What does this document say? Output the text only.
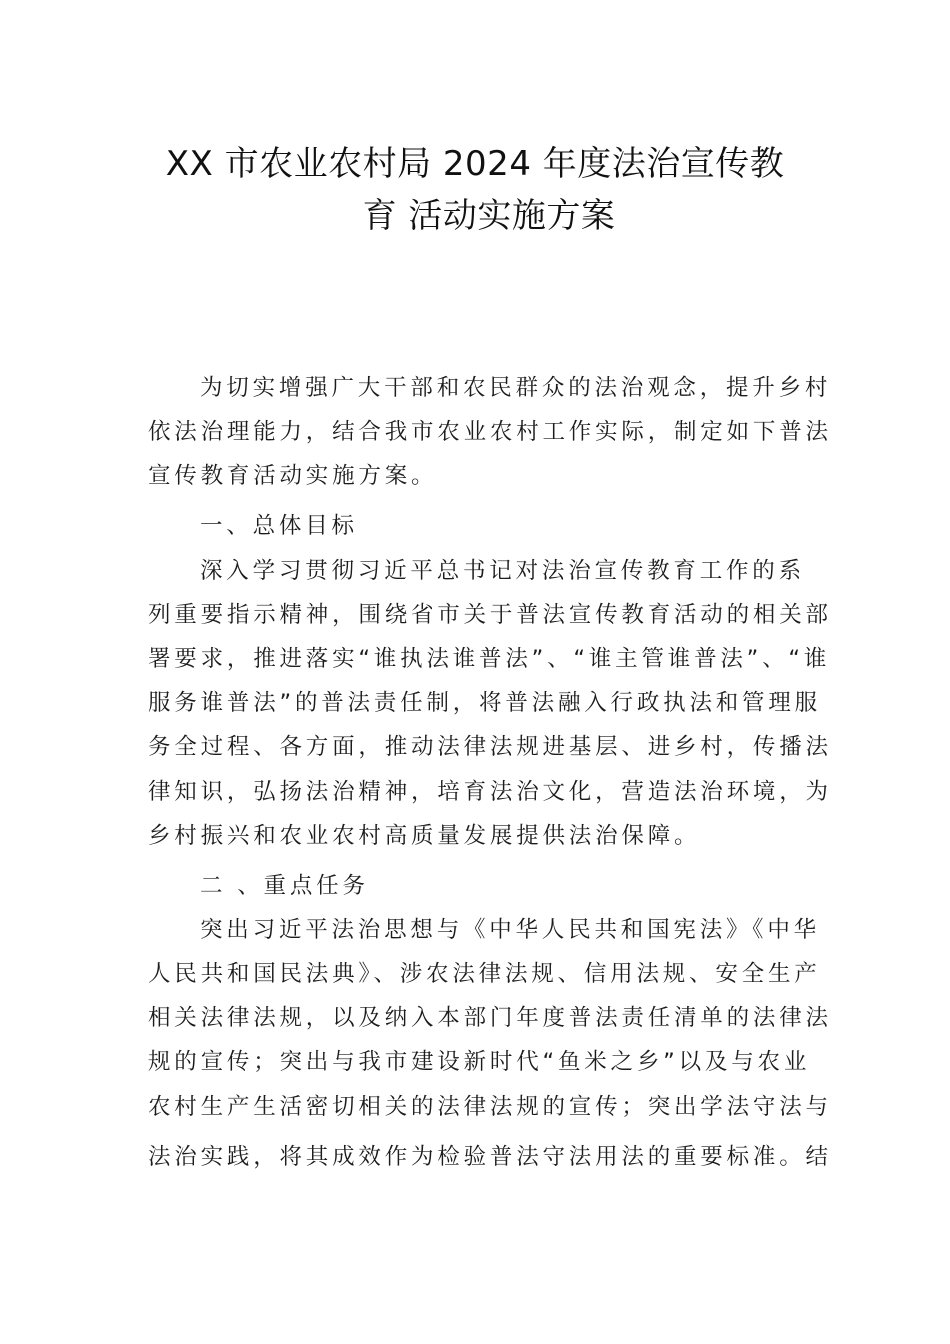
XX 市农业农村局 2024 年度法治宣传教
育 活动实施方案
为切实增强广大干部和农民群众的法治观念，提升乡村
依法治理能力，结合我市农业农村工作实际，制定如下普法
宣传教育活动实施方案。
一、总体目标
深入学习贯彻习近平总书记对法治宣传教育工作的系
列重要指示精神，围绕省市关于普法宣传教育活动的相关部
署要求，推进落实“谁执法谁普法”、“谁主管谁普法”、“谁
服务谁普法”的普法责任制，将普法融入行政执法和管理服
务全过程、各方面，推动法律法规进基层、进乡村，传播法
律知识，弘扬法治精神，培育法治文化，营造法治环境，为
乡村振兴和农业农村高质量发展提供法治保障。
二 、重点任务
突出习近平法治思想与《中华人民共和国宪法》《中华
人民共和国民法典》、涉农法律法规、信用法规、安全生产
相关法律法规，以及纳入本部门年度普法责任清单的法律法
规的宣传；突出与我市建设新时代“鱼米之乡”以及与农业
农村生产生活密切相关的法律法规的宣传；突出学法守法与
法治实践，将其成效作为检验普法守法用法的重要标准。结
